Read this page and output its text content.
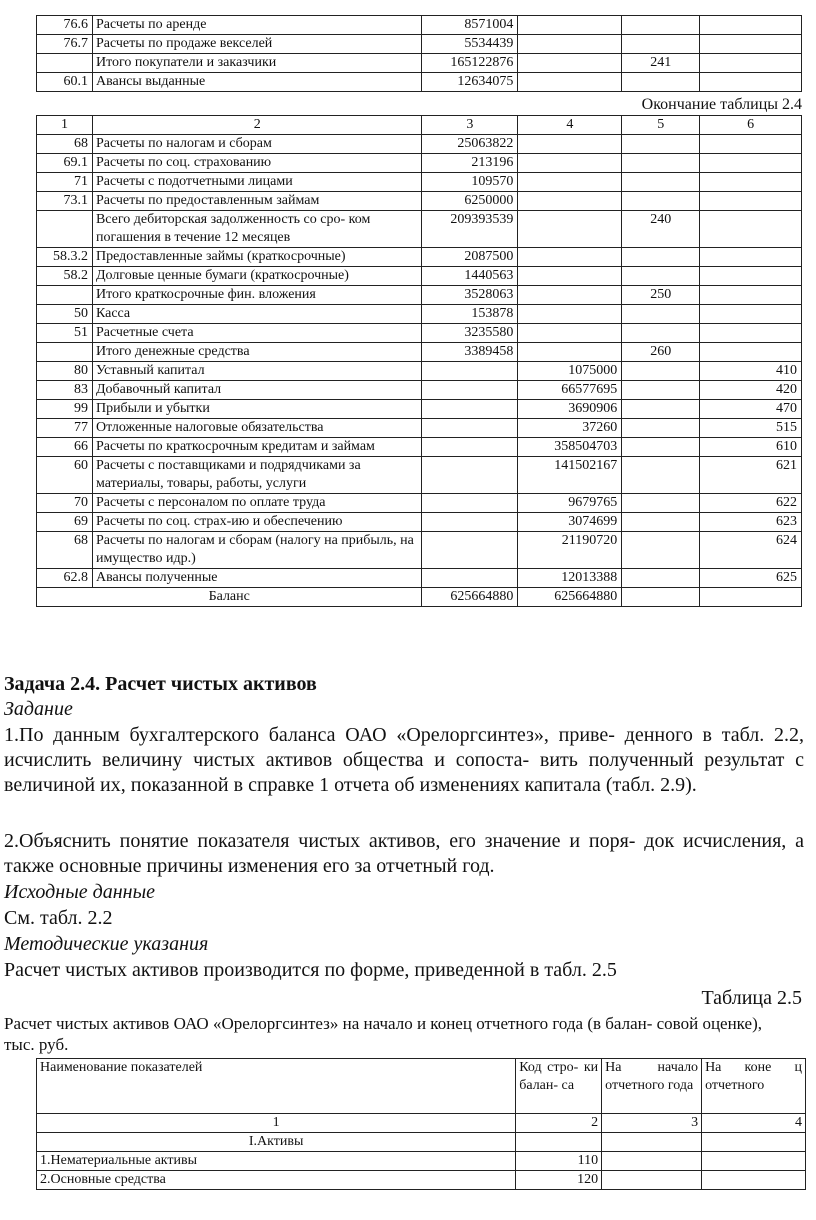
76.6	Расчеты по аренде	8571004			
76.7	Расчеты по продаже векселей	5534439			
	Итого покупатели и заказчики	165122876		241	
60.1	Авансы выданные	12634075			
Окончание таблицы 2.4
1	2	3	4	5	6
68	Расчеты по налогам и сборам	25063822			
69.1	Расчеты по соц. страхованию	213196			
71	Расчеты с подотчетными лицами	109570			
73.1	Расчеты по предоставленным займам	6250000			
	Всего дебиторская задолженность со сро- ком погашения в течение 12 месяцев	209393539		240	
58.3.2	Предоставленные займы (краткосрочные)	2087500			
58.2	Долговые ценные бумаги (краткосрочные)	1440563			
	Итого краткосрочные фин. вложения	3528063		250	
50	Касса	153878			
51	Расчетные счета	3235580			
	Итого денежные средства	3389458		260	
80	Уставный капитал		1075000		410
83	Добавочный капитал		66577695		420
99	Прибыли и убытки		3690906		470
77	Отложенные налоговые обязательства		37260		515
66	Расчеты по краткосрочным кредитам и займам		358504703		610
60	Расчеты с поставщиками и подрядчиками за материалы, товары, работы, услуги		141502167		621
70	Расчеты с персоналом по оплате труда		9679765		622
69	Расчеты по соц. страх-ию и обеспечению		3074699		623
68	Расчеты по налогам и сборам (налогу на прибыль, на имущество идр.)		21190720		624
62.8	Авансы полученные		12013388		625
Баланс		625664880	625664880		
Задача 2.4. Расчет чистых активов
Задание
1.По данным бухгалтерского баланса ОАО «Орелоргсинтез», приве- денного в табл. 2.2, исчислить величину чистых активов общества и сопоста- вить полученный результат с величиной их, показанной в справке 1 отчета об изменениях капитала (табл. 2.9).
2.Объяснить понятие показателя чистых активов, его значение и поря- док исчисления, а также основные причины изменения его за отчетный год.
Исходные данные
См. табл. 2.2
Методические указания
Расчет чистых активов производится по форме, приведенной в табл. 2.5
Таблица 2.5
Расчет чистых активов ОАО «Орелоргсинтез» на начало и конец отчетного года (в балан- совой оценке), тыс. руб.
Наименование показателей	Код стро- ки балан- са	На начало отчетного года	На коне ц отчетного
1	2	3	4
I.Активы			
1.Нематериальные активы	110		
2.Основные средства	120		
